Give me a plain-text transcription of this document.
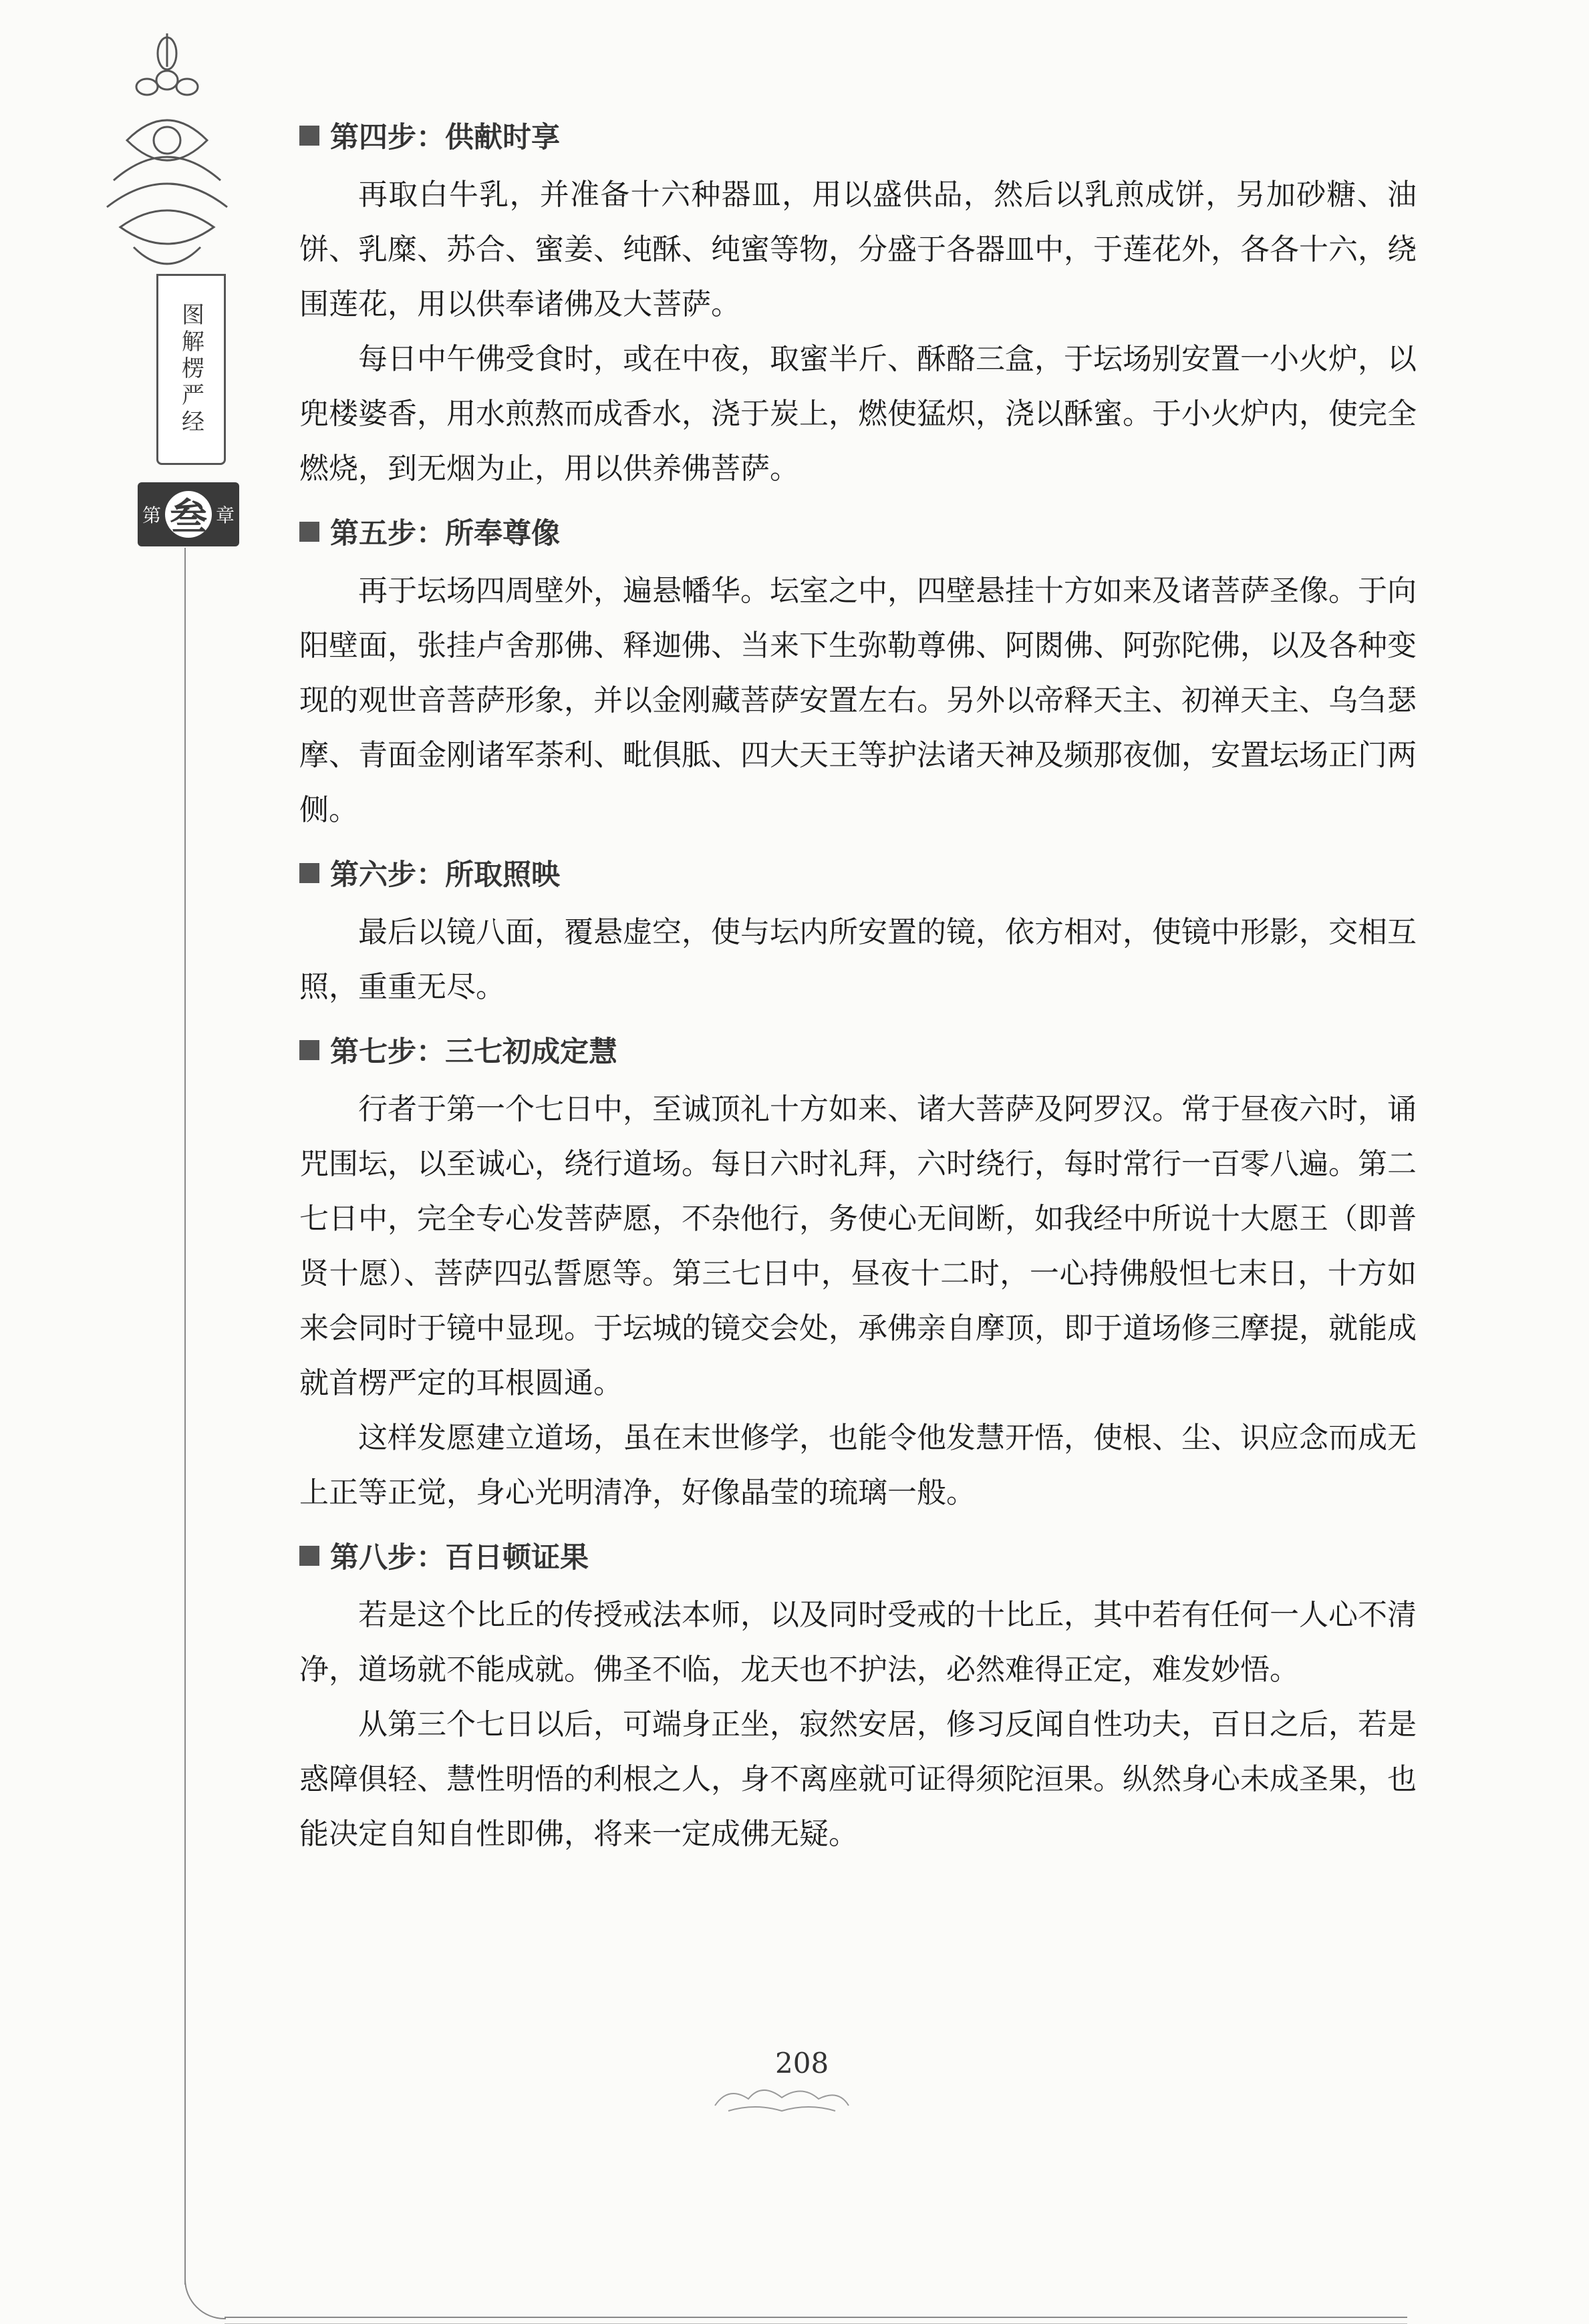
图解楞严经
第 叁 章
第四步：供献时享

再取白牛乳，并准备十六种器皿，用以盛供品，然后以乳煎成饼，另加砂糖、油饼、乳糜、苏合、蜜姜、纯酥、纯蜜等物，分盛于各器皿中，于莲花外，各各十六，绕围莲花，用以供奉诸佛及大菩萨。

每日中午佛受食时，或在中夜，取蜜半斤、酥酪三盒，于坛场别安置一小火炉，以兜楼婆香，用水煎熬而成香水，浇于炭上，燃使猛炽，浇以酥蜜。于小火炉内，使完全燃烧，到无烟为止，用以供养佛菩萨。

第五步：所奉尊像

再于坛场四周壁外，遍悬幡华。坛室之中，四壁悬挂十方如来及诸菩萨圣像。于向阳壁面，张挂卢舍那佛、释迦佛、当来下生弥勒尊佛、阿閦佛、阿弥陀佛，以及各种变现的观世音菩萨形象，并以金刚藏菩萨安置左右。另外以帝释天主、初禅天主、乌刍瑟摩、青面金刚诸军荼利、毗俱胝、四大天王等护法诸天神及频那夜伽，安置坛场正门两侧。

第六步：所取照映

最后以镜八面，覆悬虚空，使与坛内所安置的镜，依方相对，使镜中形影，交相互照，重重无尽。

第七步：三七初成定慧

行者于第一个七日中，至诚顶礼十方如来、诸大菩萨及阿罗汉。常于昼夜六时，诵咒围坛，以至诚心，绕行道场。每日六时礼拜，六时绕行，每时常行一百零八遍。第二七日中，完全专心发菩萨愿，不杂他行，务使心无间断，如我经中所说十大愿王（即普贤十愿）、菩萨四弘誓愿等。第三七日中，昼夜十二时，一心持佛般怛七末日，十方如来会同时于镜中显现。于坛城的镜交会处，承佛亲自摩顶，即于道场修三摩提，就能成就首楞严定的耳根圆通。

这样发愿建立道场，虽在末世修学，也能令他发慧开悟，使根、尘、识应念而成无上正等正觉，身心光明清净，好像晶莹的琉璃一般。

第八步：百日顿证果

若是这个比丘的传授戒法本师，以及同时受戒的十比丘，其中若有任何一人心不清净，道场就不能成就。佛圣不临，龙天也不护法，必然难得正定，难发妙悟。

从第三个七日以后，可端身正坐，寂然安居，修习反闻自性功夫，百日之后，若是惑障俱轻、慧性明悟的利根之人，身不离座就可证得须陀洹果。纵然身心未成圣果，也能决定自知自性即佛，将来一定成佛无疑。

208
